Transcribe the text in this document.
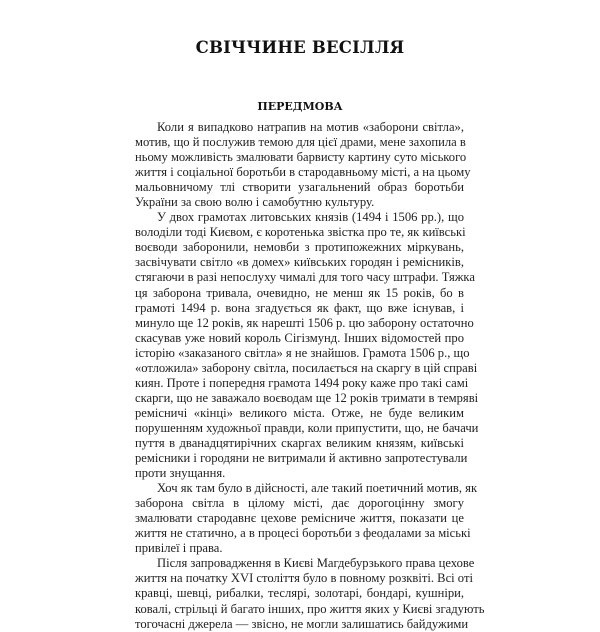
СВІЧЧИНЕ ВЕСІЛЛЯ
ПЕРЕДМОВА
Коли я випадково натрапив на мотив «заборони світла»,
мотив, що й послужив темою для цієї драми, мене захопила в
ньому можливість змалювати барвисту картину суто міського
життя і соціальної боротьби в стародавньому місті, а на цьому
мальовничому тлі створити узагальнений образ боротьби
України за свою волю і самобутню культуру.
У двох грамотах литовських князів (1494 і 1506 рр.), що
володіли тоді Києвом, є коротенька звістка про те, як київські
воєводи заборонили, немовби з протипожежних міркувань,
засвічувати світло «в домех» київських городян і ремісників,
стягаючи в разі непослуху чималі для того часу штрафи. Тяжка
ця заборона тривала, очевидно, не менш як 15 років, бо в
грамоті 1494 р. вона згадується як факт, що вже існував, і
минуло ще 12 років, як нарешті 1506 р. цю заборону остаточно
скасував уже новий король Сігізмунд. Інших відомостей про
історію «заказаного світла» я не знайшов. Грамота 1506 р., що
«отложила» заборону світла, посилається на скаргу в цій справі
киян. Проте і попередня грамота 1494 року каже про такі самі
скарги, що не заважало воєводам ще 12 років тримати в темряві
ремісничі «кінці» великого міста. Отже, не буде великим
порушенням художньої правди, коли припустити, що, не бачачи
пуття в дванадцятирічних скаргах великим князям, київські
ремісники і городяни не витримали й активно запротестували
проти знущання.
Хоч як там було в дійсності, але такий поетичний мотив, як
заборона світла в цілому місті, дає дорогоцінну змогу
змалювати стародавнє цехове ремісниче життя, показати це
життя не статично, а в процесі боротьби з феодалами за міські
привілеї і права.
Після запровадження в Києві Магдебурзького права цехове
життя на початку XVI століття було в повному розквіті. Всі оті
кравці, шевці, рибалки, теслярі, золотарі, бондарі, кушніри,
ковалі, стрільці й багато інших, про життя яких у Києві згадують
тогочасні джерела — звісно, не могли залишатись байдужими
